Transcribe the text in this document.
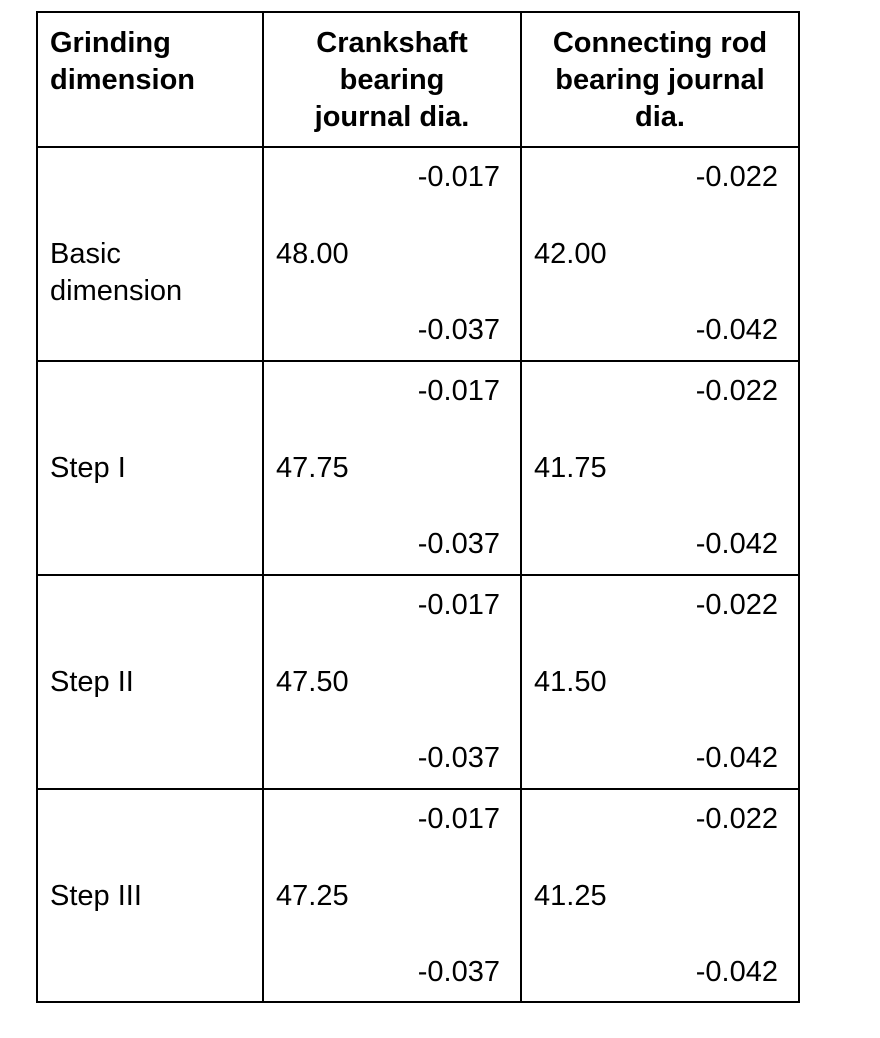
Grinding
dimension
Crankshaft
bearing
journal dia.
Connecting rod
bearing journal
dia.
Basic
dimension
-0.017
48.00
-0.037
-0.022
42.00
-0.042
Step I
-0.017
47.75
-0.037
-0.022
41.75
-0.042
Step II
-0.017
47.50
-0.037
-0.022
41.50
-0.042
Step III
-0.017
47.25
-0.037
-0.022
41.25
-0.042
